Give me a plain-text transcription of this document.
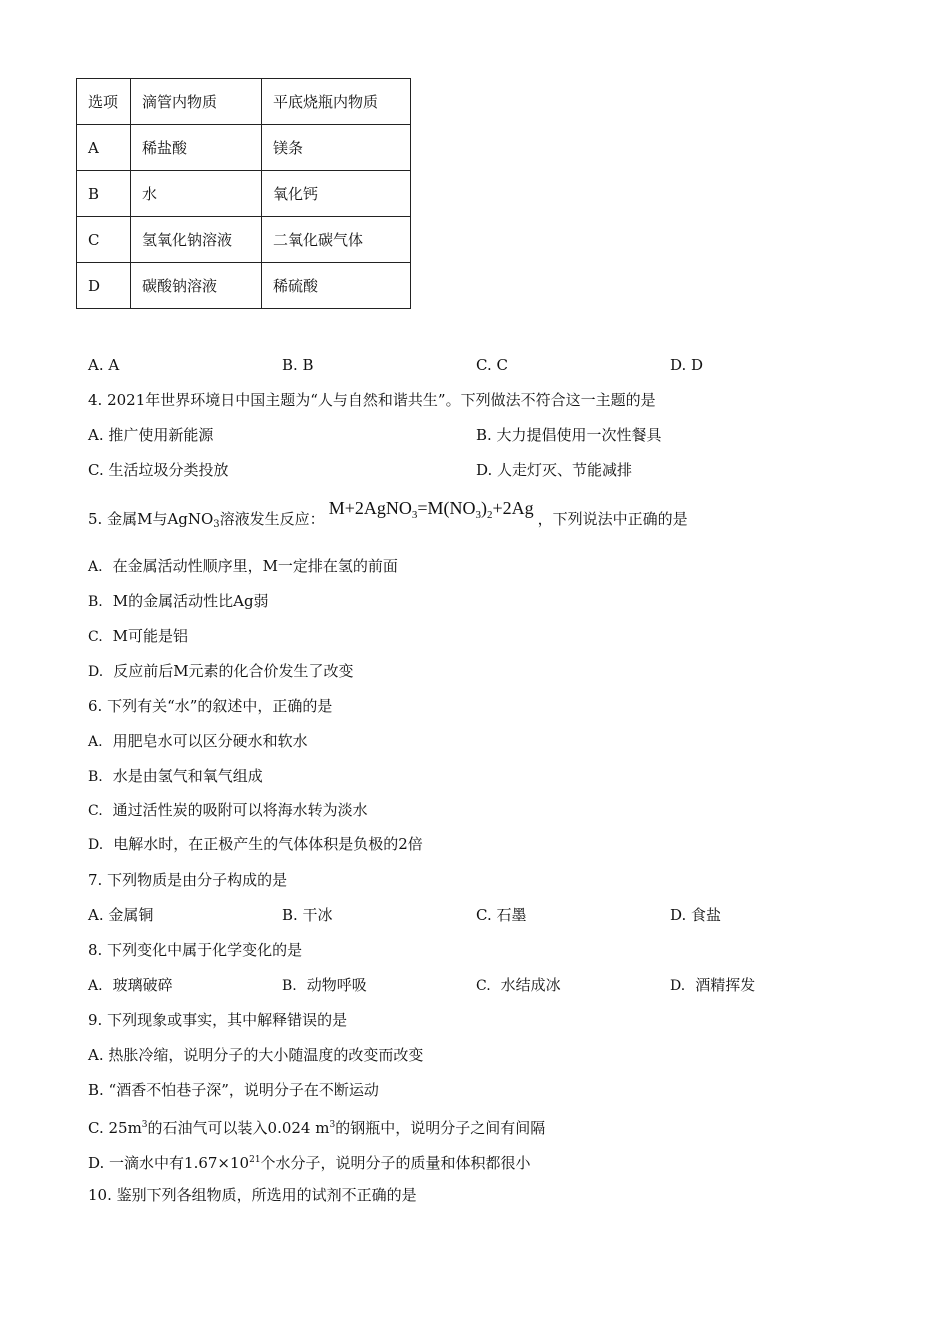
选项	滴管内物质	平底烧瓶内物质
A	稀盐酸	镁条
B	水	氧化钙
C	氢氧化钠溶液	二氧化碳气体
D	碳酸钠溶液	稀硫酸
A. A	B. B	C. C	D. D
4. 2021年世界环境日中国主题为“人与自然和谐共生”。下列做法不符合这一主题的是
A. 推广使用新能源	B. 大力提倡使用一次性餐具
C. 生活垃圾分类投放	D. 人走灯灭、节能减排
5. 金属M与AgNO$_3$溶液发生反应：$M+2AgNO_3=M(NO_3)_2+2Ag$，下列说法中正确的是
A. 在金属活动性顺序里，M一定排在氢的前面
B. M的金属活动性比Ag弱
C. M可能是铝
D. 反应前后M元素的化合价发生了改变
6. 下列有关“水”的叙述中，正确的是
A. 用肥皂水可以区分硬水和软水
B. 水是由氢气和氧气组成
C. 通过活性炭的吸附可以将海水转为淡水
D. 电解水时，在正极产生的气体体积是负极的2倍
7. 下列物质是由分子构成的是
A. 金属铜	B. 干冰	C. 石墨	D. 食盐
8. 下列变化中属于化学变化的是
A. 玻璃破碎	B. 动物呼吸	C. 水结成冰	D. 酒精挥发
9. 下列现象或事实，其中解释错误的是
A. 热胀冷缩，说明分子的大小随温度的改变而改变
B. “酒香不怕巷子深”，说明分子在不断运动
C. $25m^3$的石油气可以装入0.024 $m^3$的钢瓶中，说明分子之间有间隔
D. 一滴水中有$1.67\times 10^{21}$个水分子，说明分子的质量和体积都很小
10. 鉴别下列各组物质，所选用的试剂不正确的是
